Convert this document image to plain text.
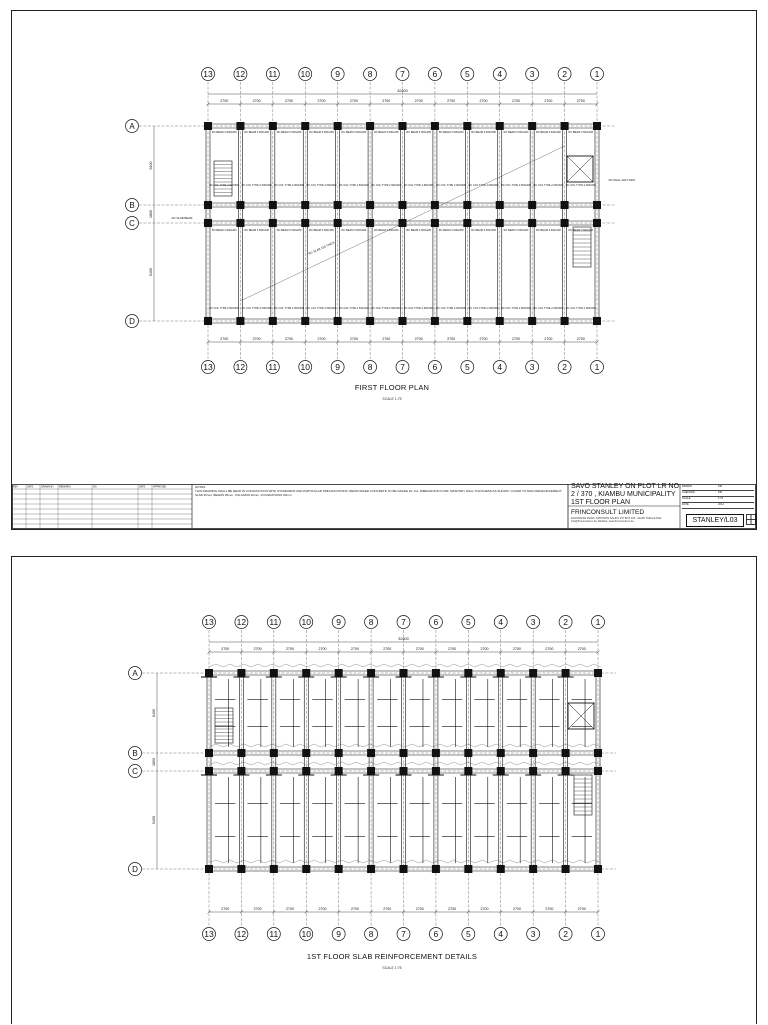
13	12	11	10	9	8	7	6	5	4	3	2	1
13	12	11	10	9	8	7	6	5	4	3	2	1
A
B
C
D
2700	2700	2700	2700	2700	2700	2700	2700	2700	2700	2700	2700
2700	2700	2700	2700	2700	2700	2700	2700	2700	2700	2700	2700
32400
6400
1800
5400
RC BEAM 3 600x200
RC COL TYPE 2 600x600
RC BEAM 3 600x200
RC COL TYPE 2 600x600
RC BEAM 3 600x200
RC COL TYPE 2 600x600
RC BEAM 3 600x200
RC COL TYPE 2 600x600
RC BEAM 3 600x200
RC COL TYPE 2 600x600
RC BEAM 3 600x200
RC COL TYPE 2 600x600
RC BEAM 3 600x200
RC COL TYPE 2 600x600
RC BEAM 3 600x200
RC COL TYPE 2 600x600
RC BEAM 3 600x200
RC COL TYPE 2 600x600
RC BEAM 3 600x200
RC COL TYPE 2 600x600
RC BEAM 3 600x200
RC COL TYPE 2 600x600
RC BEAM 3 600x200
RC COL TYPE 2 600x600
RC BEAM 3 600x200
RC COL TYPE 2 600x600
RC BEAM 3 600x200
RC COL TYPE 2 600x600
RC BEAM 3 600x200
RC COL TYPE 2 600x600
RC BEAM 3 600x200
RC COL TYPE 2 600x600
RC BEAM 3 600x200
RC COL TYPE 2 600x600
RC BEAM 3 600x200
RC COL TYPE 2 600x600
RC BEAM 3 600x200
RC COL TYPE 2 600x600
RC BEAM 3 600x200
RC COL TYPE 2 600x600
RC BEAM 3 600x200
RC COL TYPE 2 600x600
RC BEAM 3 600x200
RC COL TYPE 2 600x600
RC BEAM 3 600x200
RC COL TYPE 2 600x600
RC BEAM 3 600x200
RC COL TYPE 2 600x600
RC SLAB 150 THICK
RC SLAB BEAM
RC WALL 200 THICK
FIRST FLOOR PLAN
SCALE 1:75
REV	DATE	DRAWN BY REMARKS	NO.	DATE	APPROVED	NOTES
THIS DRAWING SHALL BE READ IN CONJUNCTION WITH STANDARDS AND PARTICULAR SPECIFICATIONS. REINFORCED CONCRETE TO BE GRADE 25. ALL DIMENSIONS IN MM. MASONRY WALL THICKNESS AS SHOWN. COVER TO MAIN REINFORCEMENT: SLAB 25mm, BEAMS 25mm, COLUMNS 40mm, FOUNDATIONS 50mm.
SAVO STANLEY ON PLOT LR NO.
2 / 370 , KIAMBU MUNICIPALITY
1ST FLOOR PLAN
FRINCONSULT LIMITED
ELDORANGI ROAD, OPPOSITE KALIFO P.O BOX 400 - 01000 THIKA E-Mail: info@frinconsult.co.ke, Website: www.frinconsult.co.ke
DRAWN	KM
CHECKED	PM
SCALE	1:75
DATE	2014
STANLEY/L03
13	12	11	10	9	8	7	6	5	4	3	2	1
13	12	11	10	9	8	7	6	5	4	3	2	1
A
B
C
D
2700	2700	2700	2700	2700	2700	2700	2700	2700	2700	2700	2700
2700	2700	2700	2700	2700	2700	2700	2700	2700	2700	2700	2700
32400
6400
1800
5400
1ST FLOOR SLAB REINFORCEMENT DETAILS
SCALE 1:75
